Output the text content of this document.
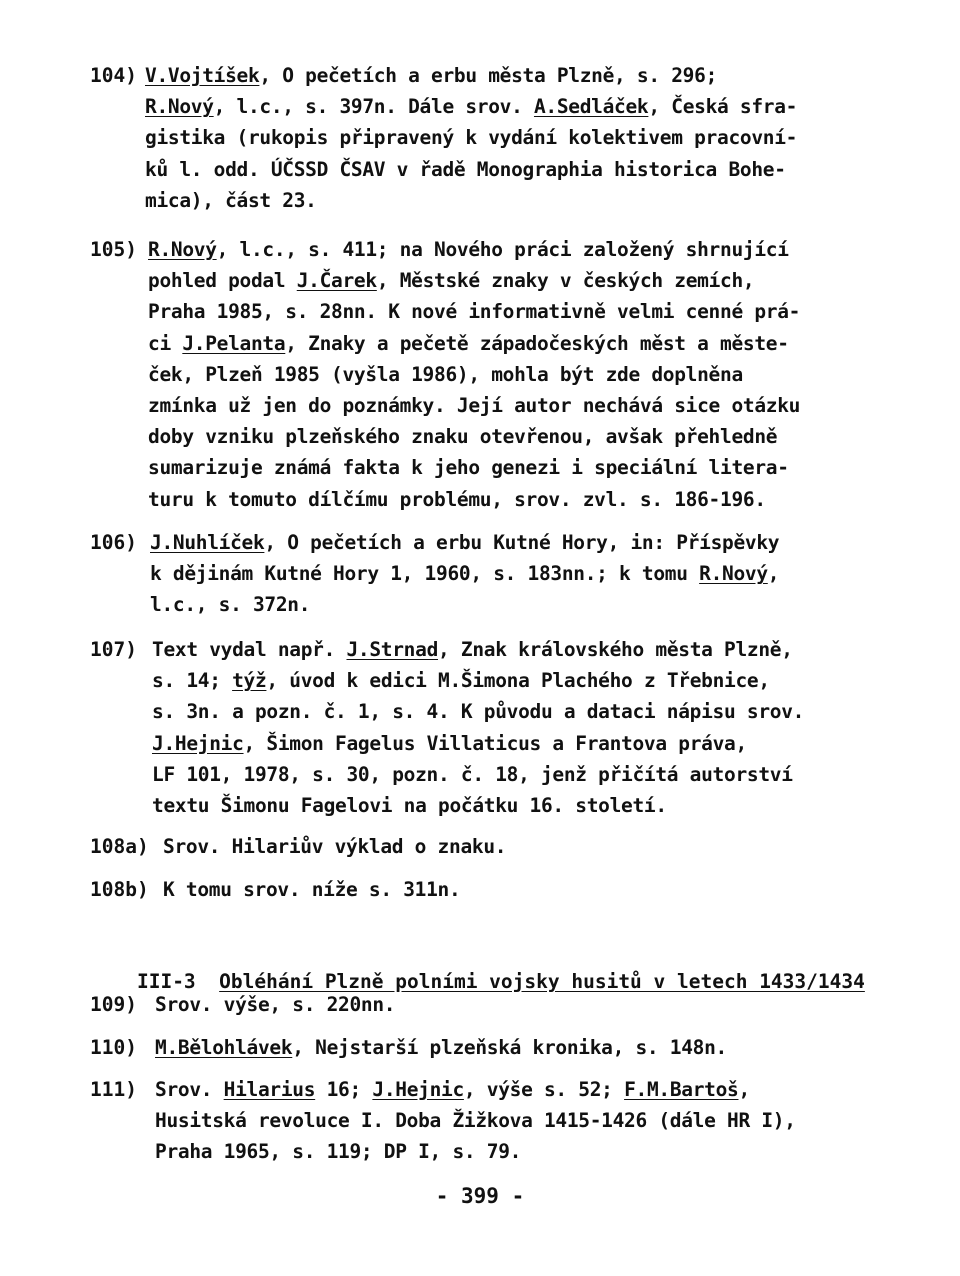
104) V.Vojtíšek, O pečetích a erbu města Plzně, s. 296;
R.Nový, l.c., s. 397n. Dále srov. A.Sedláček, Česká sfra-
gistika (rukopis připravený k vydání kolektivem pracovní-
ků l. odd. ÚČSSD ČSAV v řadě Monographia historica Bohe-
mica), část 23.
105) R.Nový, l.c., s. 411; na Nového práci založený shrnující
pohled podal J.Čarek, Městské znaky v českých zemích,
Praha 1985, s. 28nn. K nové informativně velmi cenné prá-
ci J.Pelanta, Znaky a pečetě západočeských měst a měste-
ček, Plzeň 1985 (vyšla 1986), mohla být zde doplněna
zmínka už jen do poznámky. Její autor nechává sice otázku
doby vzniku plzeňského znaku otevřenou, avšak přehledně
sumarizuje známá fakta k jeho genezi i speciální litera-
turu k tomuto dílčímu problému, srov. zvl. s. 186-196.
106) J.Nuhlíček, O pečetích a erbu Kutné Hory, in: Příspěvky
k dějinám Kutné Hory 1, 1960, s. 183nn.; k tomu R.Nový,
l.c., s. 372n.
107) Text vydal např. J.Strnad, Znak královského města Plzně,
s. 14; týž, úvod k edici M.Šimona Plachého z Třebnice,
s. 3n. a pozn. č. 1, s. 4. K původu a dataci nápisu srov.
J.Hejnic, Šimon Fagelus Villaticus a Frantova práva,
LF 101, 1978, s. 30, pozn. č. 18, jenž přičítá autorství
textu Šimonu Fagelovi na počátku 16. století.
108a) Srov. Hilariův výklad o znaku.
108b) K tomu srov. níže s. 311n.

III-3 Obléhání Plzně polními vojsky husitů v letech 1433/1434

109) Srov. výše, s. 220nn.
110) M.Bělohlávek, Nejstarší plzeňská kronika, s. 148n.
111) Srov. Hilarius 16; J.Hejnic, výše s. 52; F.M.Bartoš,
Husitská revoluce I. Doba Žižkova 1415-1426 (dále HR I),
Praha 1965, s. 119; DP I, s. 79.
- 399 -
